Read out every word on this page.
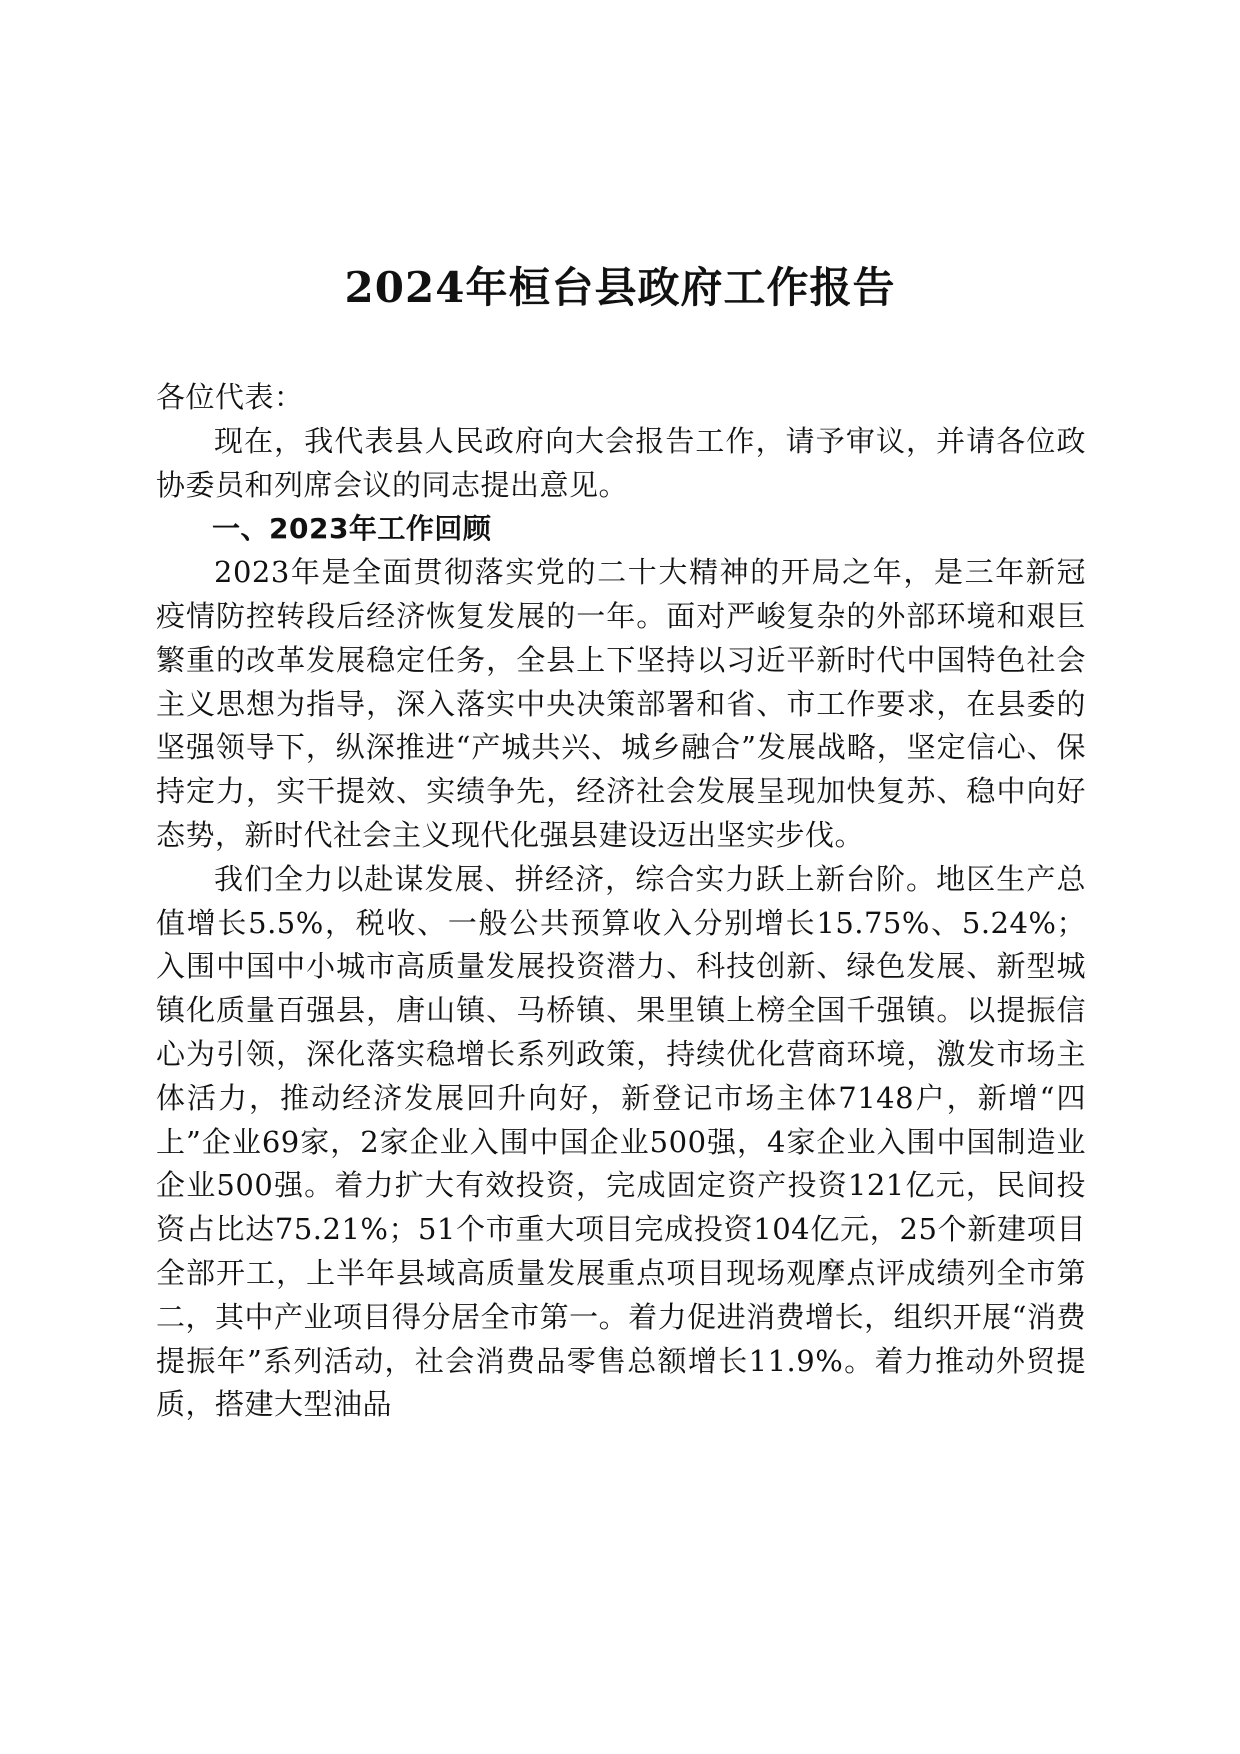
2024年桓台县政府工作报告

各位代表：

现在，我代表县人民政府向大会报告工作，请予审议，并请各位政协委员和列席会议的同志提出意见。

一、2023年工作回顾

2023年是全面贯彻落实党的二十大精神的开局之年，是三年新冠疫情防控转段后经济恢复发展的一年。面对严峻复杂的外部环境和艰巨繁重的改革发展稳定任务，全县上下坚持以习近平新时代中国特色社会主义思想为指导，深入落实中央决策部署和省、市工作要求，在县委的坚强领导下，纵深推进“产城共兴、城乡融合”发展战略，坚定信心、保持定力，实干提效、实绩争先，经济社会发展呈现加快复苏、稳中向好态势，新时代社会主义现代化强县建设迈出坚实步伐。

我们全力以赴谋发展、拼经济，综合实力跃上新台阶。地区生产总值增长5.5%，税收、一般公共预算收入分别增长15.75%、5.24%；入围中国中小城市高质量发展投资潜力、科技创新、绿色发展、新型城镇化质量百强县，唐山镇、马桥镇、果里镇上榜全国千强镇。以提振信心为引领，深化落实稳增长系列政策，持续优化营商环境，激发市场主体活力，推动经济发展回升向好，新登记市场主体7148户，新增“四上”企业69家，2家企业入围中国企业500强，4家企业入围中国制造业企业500强。着力扩大有效投资，完成固定资产投资121亿元，民间投资占比达75.21%；51个市重大项目完成投资104亿元，25个新建项目全部开工，上半年县域高质量发展重点项目现场观摩点评成绩列全市第二，其中产业项目得分居全市第一。着力促进消费增长，组织开展“消费提振年”系列活动，社会消费品零售总额增长11.9%。着力推动外贸提质，搭建大型油品
